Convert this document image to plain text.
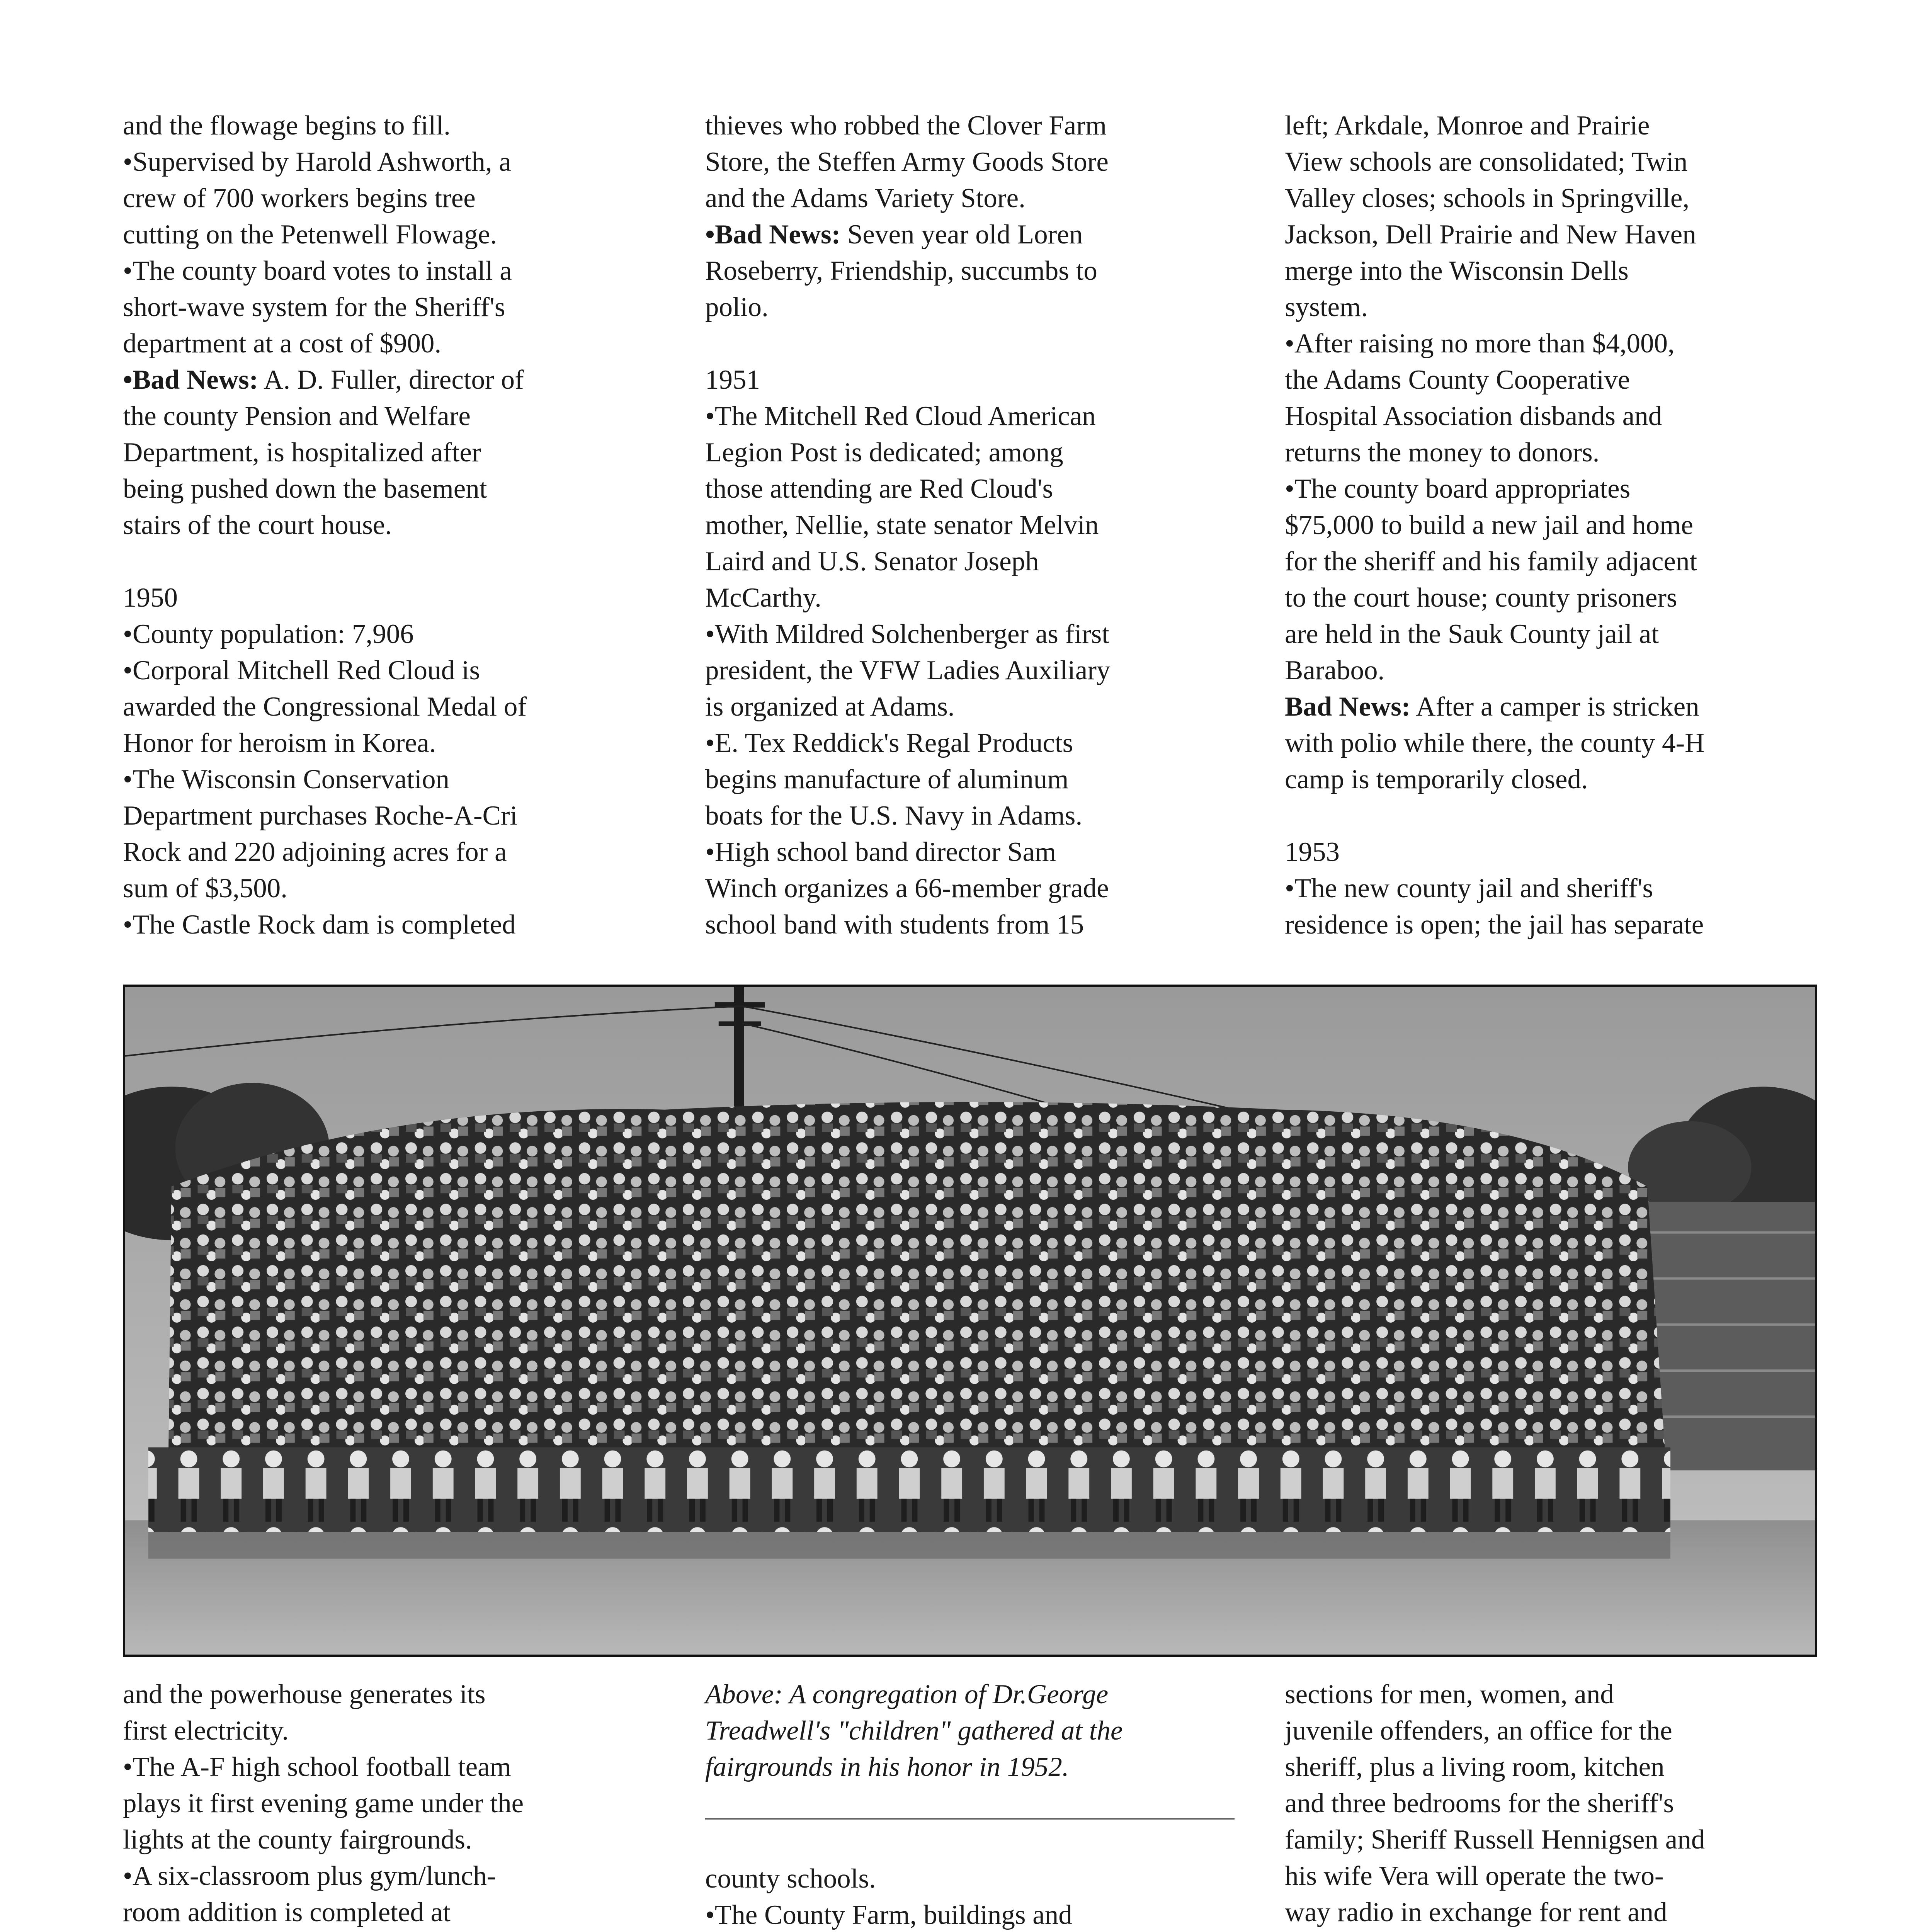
and the flowage begins to fill.

•Supervised by Harold Ashworth, a

crew of 700 workers begins tree

cutting on the Petenwell Flowage.

•The county board votes to install a

short-wave system for the Sheriff's

department at a cost of $900.

•Bad News: A. D. Fuller, director of

the county Pension and Welfare

Department, is hospitalized after

being pushed down the basement

stairs of the court house.

1950

•County population: 7,906

•Corporal Mitchell Red Cloud is

awarded the Congressional Medal of

Honor for heroism in Korea.

•The Wisconsin Conservation

Department purchases Roche-A-Cri

Rock and 220 adjoining acres for a

sum of $3,500.

•The Castle Rock dam is completed

thieves who robbed the Clover Farm

Store, the Steffen Army Goods Store

and the Adams Variety Store.

•Bad News: Seven year old Loren

Roseberry, Friendship, succumbs to

polio.

1951

•The Mitchell Red Cloud American

Legion Post is dedicated; among

those attending are Red Cloud's

mother, Nellie, state senator Melvin

Laird and U.S. Senator Joseph

McCarthy.

•With Mildred Solchenberger as first

president, the VFW Ladies Auxiliary

is organized at Adams.

•E. Tex Reddick's Regal Products

begins manufacture of aluminum

boats for the U.S. Navy in Adams.

•High school band director Sam

Winch organizes a 66-member grade

school band with students from 15

left; Arkdale, Monroe and Prairie

View schools are consolidated; Twin

Valley closes; schools in Springville,

Jackson, Dell Prairie and New Haven

merge into the Wisconsin Dells

system.

•After raising no more than $4,000,

the Adams County Cooperative

Hospital Association disbands and

returns the money to donors.

•The county board appropriates

$75,000 to build a new jail and home

for the sheriff and his family adjacent

to the court house; county prisoners

are held in the Sauk County jail at

Baraboo.

Bad News: After a camper is stricken

with polio while there, the county 4-H

camp is temporarily closed.

1953

•The new county jail and sheriff's

residence is open; the jail has separate

and the powerhouse generates its

first electricity.

•The A-F high school football team

plays it first evening game under the

lights at the county fairgrounds.

•A six-classroom plus gym/lunch-

room addition is completed at

Above: A congregation of Dr.George

Treadwell's "children" gathered at the

fairgrounds in his honor in 1952.

county schools.

•The County Farm, buildings and

sections for men, women, and

juvenile offenders, an office for the

sheriff, plus a living room, kitchen

and three bedrooms for the sheriff's

family; Sheriff Russell Hennigsen and

his wife Vera will operate the two-

way radio in exchange for rent and
